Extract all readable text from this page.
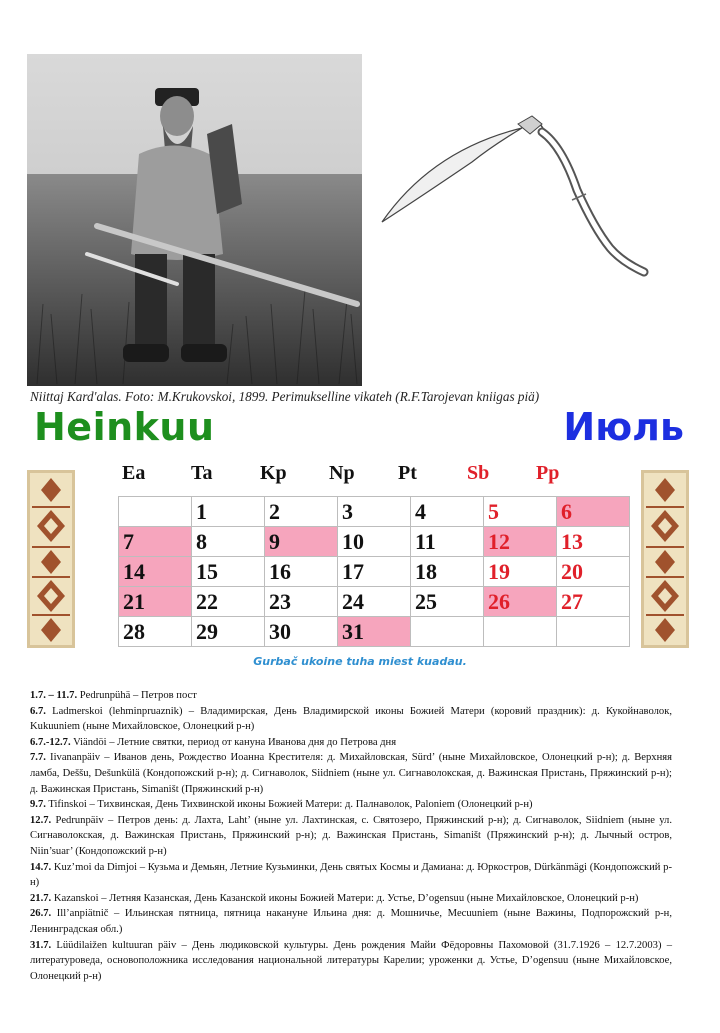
Niittaj Kard'alas. Foto: M.Krukovskoi, 1899. Perimukselline vikateh (R.F.Tarojevan kniigas piä)
Heinkuu	Июль
Ea	Ta	Kp	Np	Pt	Sb	Pp
	1	2	3	4	5	6
7	8	9	10	11	12	13
14	15	16	17	18	19	20
21	22	23	24	25	26	27
28	29	30	31			
Gurbač ukoine tuha miest kuadau.

1.7. – 11.7. Pedrunpühä – Петров пост

6.7. Ladmerskoi (lehminpruaznik) – Владимирская, День Владимирской иконы Божией Матери (коровий праздник): д. Кукойнаволок, Kukuuniem (ныне Михайловское, Олонецкий р-н)

6.7.-12.7. Viändöi – Летние святки, период от кануна Иванова дня до Петрова дня

7.7. Iivananpäiv – Иванов день, Рождество Иоанна Крестителя: д. Михайловская, Sürd’ (ныне Михайловское, Олонецкий р-н); д. Верхняя ламба, Deššu, Dešunkülä (Кондопожский р-н); д. Сигнаволок, Siidniem (ныне ул. Сигнаволокская, д. Важинская Пристань, Пряжинский р-н); д. Важинская Пристань, Simaništ (Пряжинский р-н)

9.7. Tifinskoi – Тихвинская, День Тихвинской иконы Божией Матери: д. Палнаволок, Paloniem (Олонецкий р-н)

12.7. Pedrunpäiv – Петров день: д. Лахта, Laht’ (ныне ул. Лахтинская, с. Святозеро, Пряжинский р-н); д. Сигнаволок, Siidniem (ныне ул. Сигнаволокская, д. Важинская Пристань, Пряжинский р-н); д. Важинская Пристань, Simaništ (Пряжинский р-н); д. Лычный остров, Niin’suar’ (Кондопожский р-н)

14.7. Kuz’moi da Dimjoi – Кузьма и Демьян, Летние Кузьминки, День святых Космы и Дамиана: д. Юркостров, Dürkänmägi (Кондопожский р-н)

21.7. Kazanskoi – Летняя Казанская, День Казанской иконы Божией Матери: д. Устье, D’ogensuu (ныне Михайловское, Олонецкий р-н)

26.7. Ill’anpiätnič – Ильинская пятница, пятница накануне Ильина дня: д. Мошничье, Mecuuniem (ныне Важины, Подпорожский р-н, Ленинградская обл.)

31.7. Lüüdilaižen kultuuran päiv – День людиковской культуры. День рождения Майи Фёдоровны Пахомовой (31.7.1926 – 12.7.2003) – литературоведа, основоположника исследования национальной литературы Карелии; уроженки д. Устье, D’ogensuu (ныне Михайловское, Олонецкий р-н)
